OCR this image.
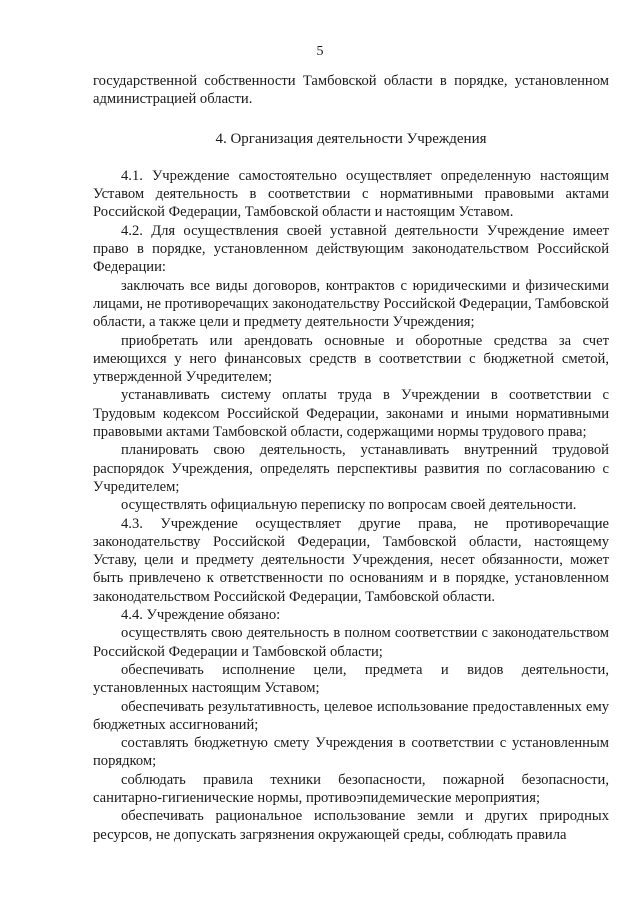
5

государственной собственности Тамбовской области в порядке, установленном администрацией области.

4. Организация деятельности Учреждения

4.1. Учреждение самостоятельно осуществляет определенную настоящим Уставом деятельность в соответствии с нормативными правовыми актами Российской Федерации, Тамбовской области и настоящим Уставом.

4.2. Для осуществления своей уставной деятельности Учреждение имеет право в порядке, установленном действующим законодательством Российской Федерации:

заключать все виды договоров, контрактов с юридическими и физическими лицами, не противоречащих законодательству Российской Федерации, Тамбовской области, а также цели и предмету деятельности Учреждения;

приобретать или арендовать основные и оборотные средства за счет имеющихся у него финансовых средств в соответствии с бюджетной сметой, утвержденной Учредителем;

устанавливать систему оплаты труда в Учреждении в соответствии с Трудовым кодексом Российской Федерации, законами и иными нормативными правовыми актами Тамбовской области, содержащими нормы трудового права;

планировать свою деятельность, устанавливать внутренний трудовой распорядок Учреждения, определять перспективы развития по согласованию с Учредителем;

осуществлять официальную переписку по вопросам своей деятельности.

4.3. Учреждение осуществляет другие права, не противоречащие законодательству Российской Федерации, Тамбовской области, настоящему Уставу, цели и предмету деятельности Учреждения, несет обязанности, может быть привлечено к ответственности по основаниям и в порядке, установленном законодательством Российской Федерации, Тамбовской области.

4.4. Учреждение обязано:

осуществлять свою деятельность в полном соответствии с законодательством Российской Федерации и Тамбовской области;

обеспечивать исполнение цели, предмета и видов деятельности, установленных настоящим Уставом;

обеспечивать результативность, целевое использование предоставленных ему бюджетных ассигнований;

составлять бюджетную смету Учреждения в соответствии с установленным порядком;

соблюдать правила техники безопасности, пожарной безопасности, санитарно-гигиенические нормы, противоэпидемические мероприятия;

обеспечивать рациональное использование земли и других природных ресурсов, не допускать загрязнения окружающей среды, соблюдать правила
